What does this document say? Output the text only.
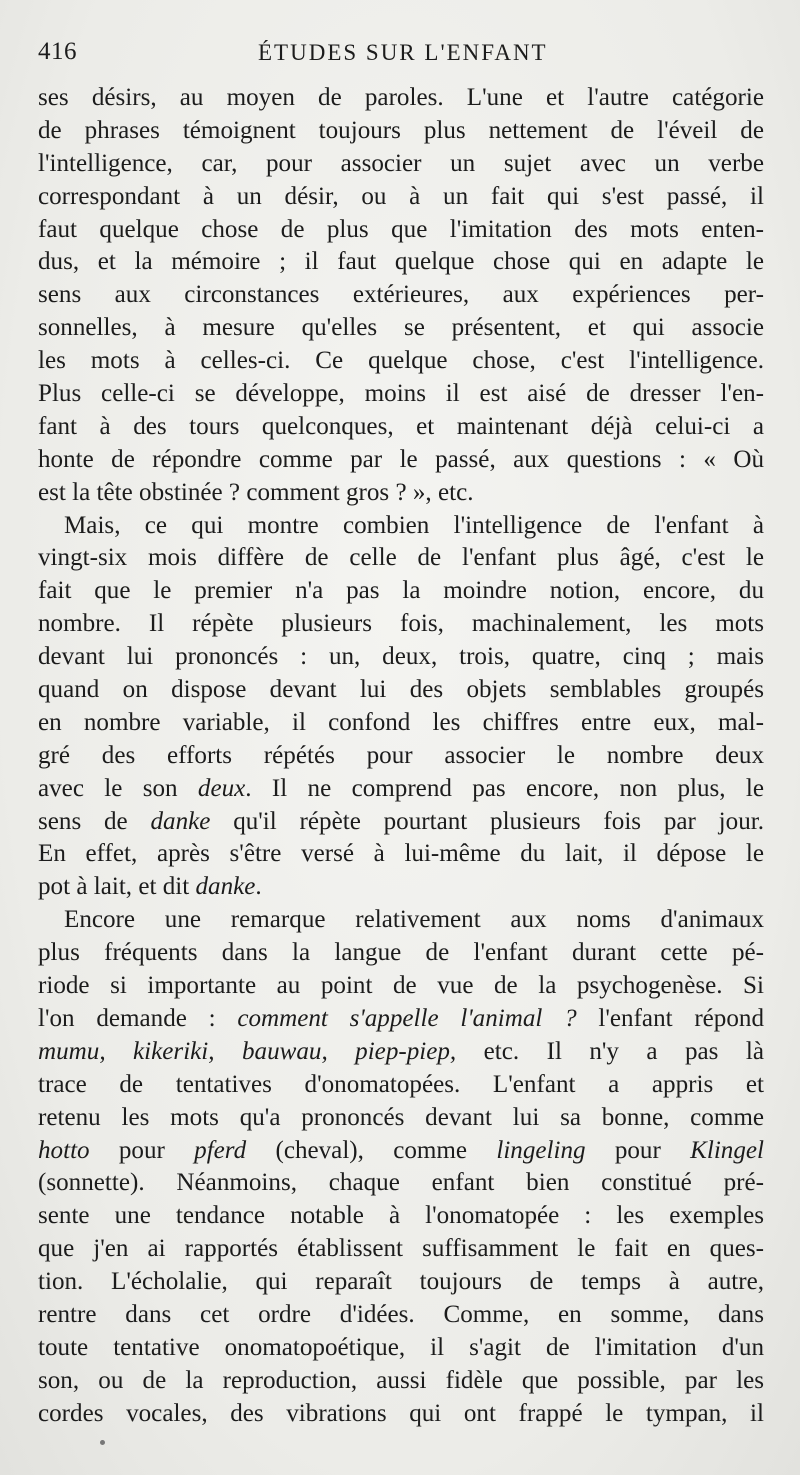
416	ÉTUDES SUR L'ENFANT
ses désirs, au moyen de paroles. L'une et l'autre catégorie
de phrases témoignent toujours plus nettement de l'éveil de
l'intelligence, car, pour associer un sujet avec un verbe
correspondant à un désir, ou à un fait qui s'est passé, il
faut quelque chose de plus que l'imitation des mots enten-
dus, et la mémoire ; il faut quelque chose qui en adapte le
sens aux circonstances extérieures, aux expériences per-
sonnelles, à mesure qu'elles se présentent, et qui associe
les mots à celles-ci. Ce quelque chose, c'est l'intelligence.
Plus celle-ci se développe, moins il est aisé de dresser l'en-
fant à des tours quelconques, et maintenant déjà celui-ci a
honte de répondre comme par le passé, aux questions : « Où
est la tête obstinée ? comment gros ? », etc.
Mais, ce qui montre combien l'intelligence de l'enfant à
vingt-six mois diffère de celle de l'enfant plus âgé, c'est le
fait que le premier n'a pas la moindre notion, encore, du
nombre. Il répète plusieurs fois, machinalement, les mots
devant lui prononcés : un, deux, trois, quatre, cinq ; mais
quand on dispose devant lui des objets semblables groupés
en nombre variable, il confond les chiffres entre eux, mal-
gré des efforts répétés pour associer le nombre deux
avec le son deux. Il ne comprend pas encore, non plus, le
sens de danke qu'il répète pourtant plusieurs fois par jour.
En effet, après s'être versé à lui-même du lait, il dépose le
pot à lait, et dit danke.
Encore une remarque relativement aux noms d'animaux
plus fréquents dans la langue de l'enfant durant cette pé-
riode si importante au point de vue de la psychogenèse. Si
l'on demande : comment s'appelle l'animal ? l'enfant répond
mumu, kikeriki, bauwau, piep-piep, etc. Il n'y a pas là
trace de tentatives d'onomatopées. L'enfant a appris et
retenu les mots qu'a prononcés devant lui sa bonne, comme
hotto pour pferd (cheval), comme lingeling pour Klingel
(sonnette). Néanmoins, chaque enfant bien constitué pré-
sente une tendance notable à l'onomatopée : les exemples
que j'en ai rapportés établissent suffisamment le fait en ques-
tion. L'écholalie, qui reparaît toujours de temps à autre,
rentre dans cet ordre d'idées. Comme, en somme, dans
toute tentative onomatopoétique, il s'agit de l'imitation d'un
son, ou de la reproduction, aussi fidèle que possible, par les
cordes vocales, des vibrations qui ont frappé le tympan, il
